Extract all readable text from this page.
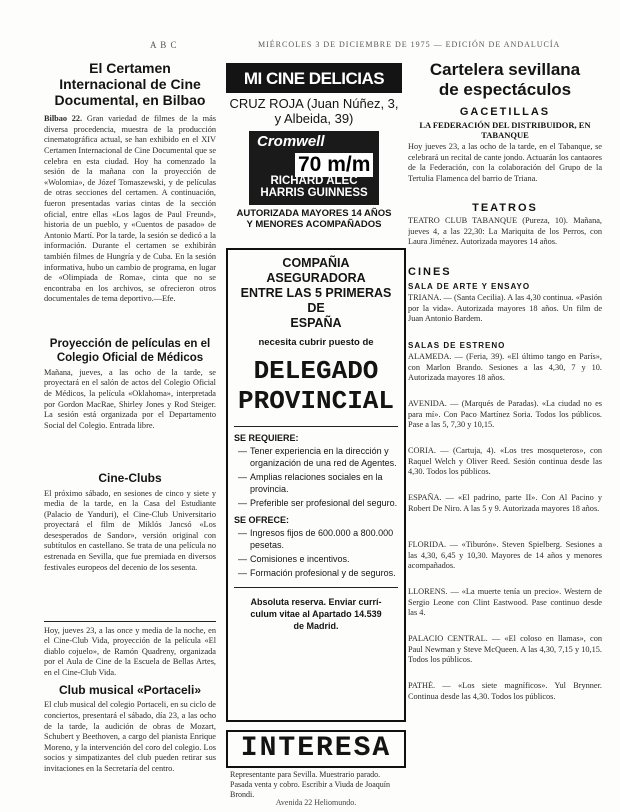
A B C	MIÉRCOLES 3 DE DICIEMBRE DE 1975 — EDICIÓN DE ANDALUCÍA
El Certamen Internacional de Cine Documental, en Bilbao
Bilbao 22. Gran variedad de filmes de la más diversa procedencia, muestra de la producción cinematográfica actual, se han exhibido en el XIV Certamen Internacional de Cine Documental que se celebra en esta ciudad. Hoy ha comenzado la sesión de la mañana con la proyección de «Wolomia», de Józef Tomaszewski, y de películas de otras secciones del certamen. A continuación, fueron presentadas varias cintas de la sección oficial, entre ellas «Los lagos de Paul Freund», historia de un pueblo, y «Cuentos de pasado» de Antonio Martí. Por la tarde, la sesión se dedicó a la información. Durante el certamen se exhibirán también filmes de Hungría y de Cuba. En la sesión informativa, hubo un cambio de programa, en lugar de «Olimpiada de Roma», cinta que no se encontraba en los archivos, se ofrecieron otros documentales de tema deportivo.—Efe.
Proyección de películas en el Colegio Oficial de Médicos
Mañana, jueves, a las ocho de la tarde, se proyectará en el salón de actos del Colegio Oficial de Médicos, la película «Oklahoma», interpretada por Gordon MacRae, Shirley Jones y Rod Steiger. La sesión está organizada por el Departamento Social del Colegio. Entrada libre.
Cine-Clubs
El próximo sábado, en sesiones de cinco y siete y media de la tarde, en la Casa del Estudiante (Palacio de Yanduri), el Cine-Club Universitario proyectará el film de Miklós Jancsó «Los desesperados de Sandor», versión original con subtítulos en castellano. Se trata de una película no estrenada en Sevilla, que fue premiada en diversos festivales europeos del decenio de los sesenta.
Hoy, jueves 23, a las once y media de la noche, en el Cine-Club Vida, proyección de la película «El diablo cojuelo», de Ramón Quadreny, organizada por el Aula de Cine de la Escuela de Bellas Artes, en el Cine-Club Vida.
Club musical «Portaceli»
El club musical del colegio Portaceli, en su ciclo de conciertos, presentará el sábado, día 23, a las ocho de la tarde, la audición de obras de Mozart, Schubert y Beethoven, a cargo del pianista Enrique Moreno, y la intervención del coro del colegio. Los socios y simpatizantes del club pueden retirar sus invitaciones en la Secretaría del centro.
MI CINE DELICIAS
CRUZ ROJA (Juan Núñez, 3,
y Albeida, 39)
Cromwell
70 m/m
RICHARD ALEC
HARRIS GUINNESS
AUTORIZADA MAYORES 14 AÑOS
Y MENORES ACOMPAÑADOS
COMPAÑIA ASEGURADORA
ENTRE LAS 5 PRIMERAS DE
ESPAÑA
necesita cubrir puesto de
DELEGADO
PROVINCIAL
SE REQUIERE:
— Tener experiencia en la dirección y organización de una red de Agentes.
— Amplias relaciones sociales en la provincia.
— Preferible ser profesional del seguro.
SE OFRECE:
— Ingresos fijos de 600.000 a 800.000 pesetas.
— Comisiones e incentivos.
— Formación profesional y de seguros.
Absoluta reserva. Enviar currí-
culum vitae al Apartado 14.539
de Madrid.
INTERESA
Representante para Sevilla. Muestrario parado. Pasada venta y cobro. Escribir a Viuda de Joaquín Brondi.
Avenida 22 Heliomundo.
Cartelera sevillana
de espectáculos
GACETILLAS
LA FEDERACIÓN DEL DISTRIBUIDOR, EN TABANQUE
Hoy jueves 23, a las ocho de la tarde, en el Tabanque, se celebrará un recital de cante jondo. Actuarán los cantaores de la Federación, con la colaboración del Grupo de la Tertulia Flamenca del barrio de Triana.
TEATROS
TEATRO CLUB TABANQUE (Pureza, 10). Mañana, jueves 4, a las 22,30: La Mariquita de los Perros, con Laura Jiménez. Autorizada mayores 14 años.
CINES
SALA DE ARTE Y ENSAYO
TRIANA. — (Santa Cecilia). A las 4,30 continua. «Pasión por la vida». Autorizada mayores 18 años. Un film de Juan Antonio Bardem.
SALAS DE ESTRENO
ALAMEDA. — (Feria, 39). «El último tango en París», con Marlon Brando. Sesiones a las 4,30, 7 y 10. Autorizada mayores 18 años.
AVENIDA. — (Marqués de Paradas). «La ciudad no es para mí». Con Paco Martínez Soria. Todos los públicos. Pase a las 5, 7,30 y 10,15.
CORIA. — (Cartuja, 4). «Los tres mosqueteros», con Raquel Welch y Oliver Reed. Sesión continua desde las 4,30. Todos los públicos.
ESPAÑA. — «El padrino, parte II». Con Al Pacino y Robert De Niro. A las 5 y 9. Autorizada mayores 18 años.
FLORIDA. — «Tiburón». Steven Spielberg. Sesiones a las 4,30, 6,45 y 10,30. Mayores de 14 años y menores acompañados.
LLORENS. — «La muerte tenía un precio». Western de Sergio Leone con Clint Eastwood. Pase continuo desde las 4.
PALACIO CENTRAL. — «El coloso en llamas», con Paul Newman y Steve McQueen. A las 4,30, 7,15 y 10,15. Todos los públicos.
PATHÉ. — «Los siete magníficos». Yul Brynner. Continua desde las 4,30. Todos los públicos.
